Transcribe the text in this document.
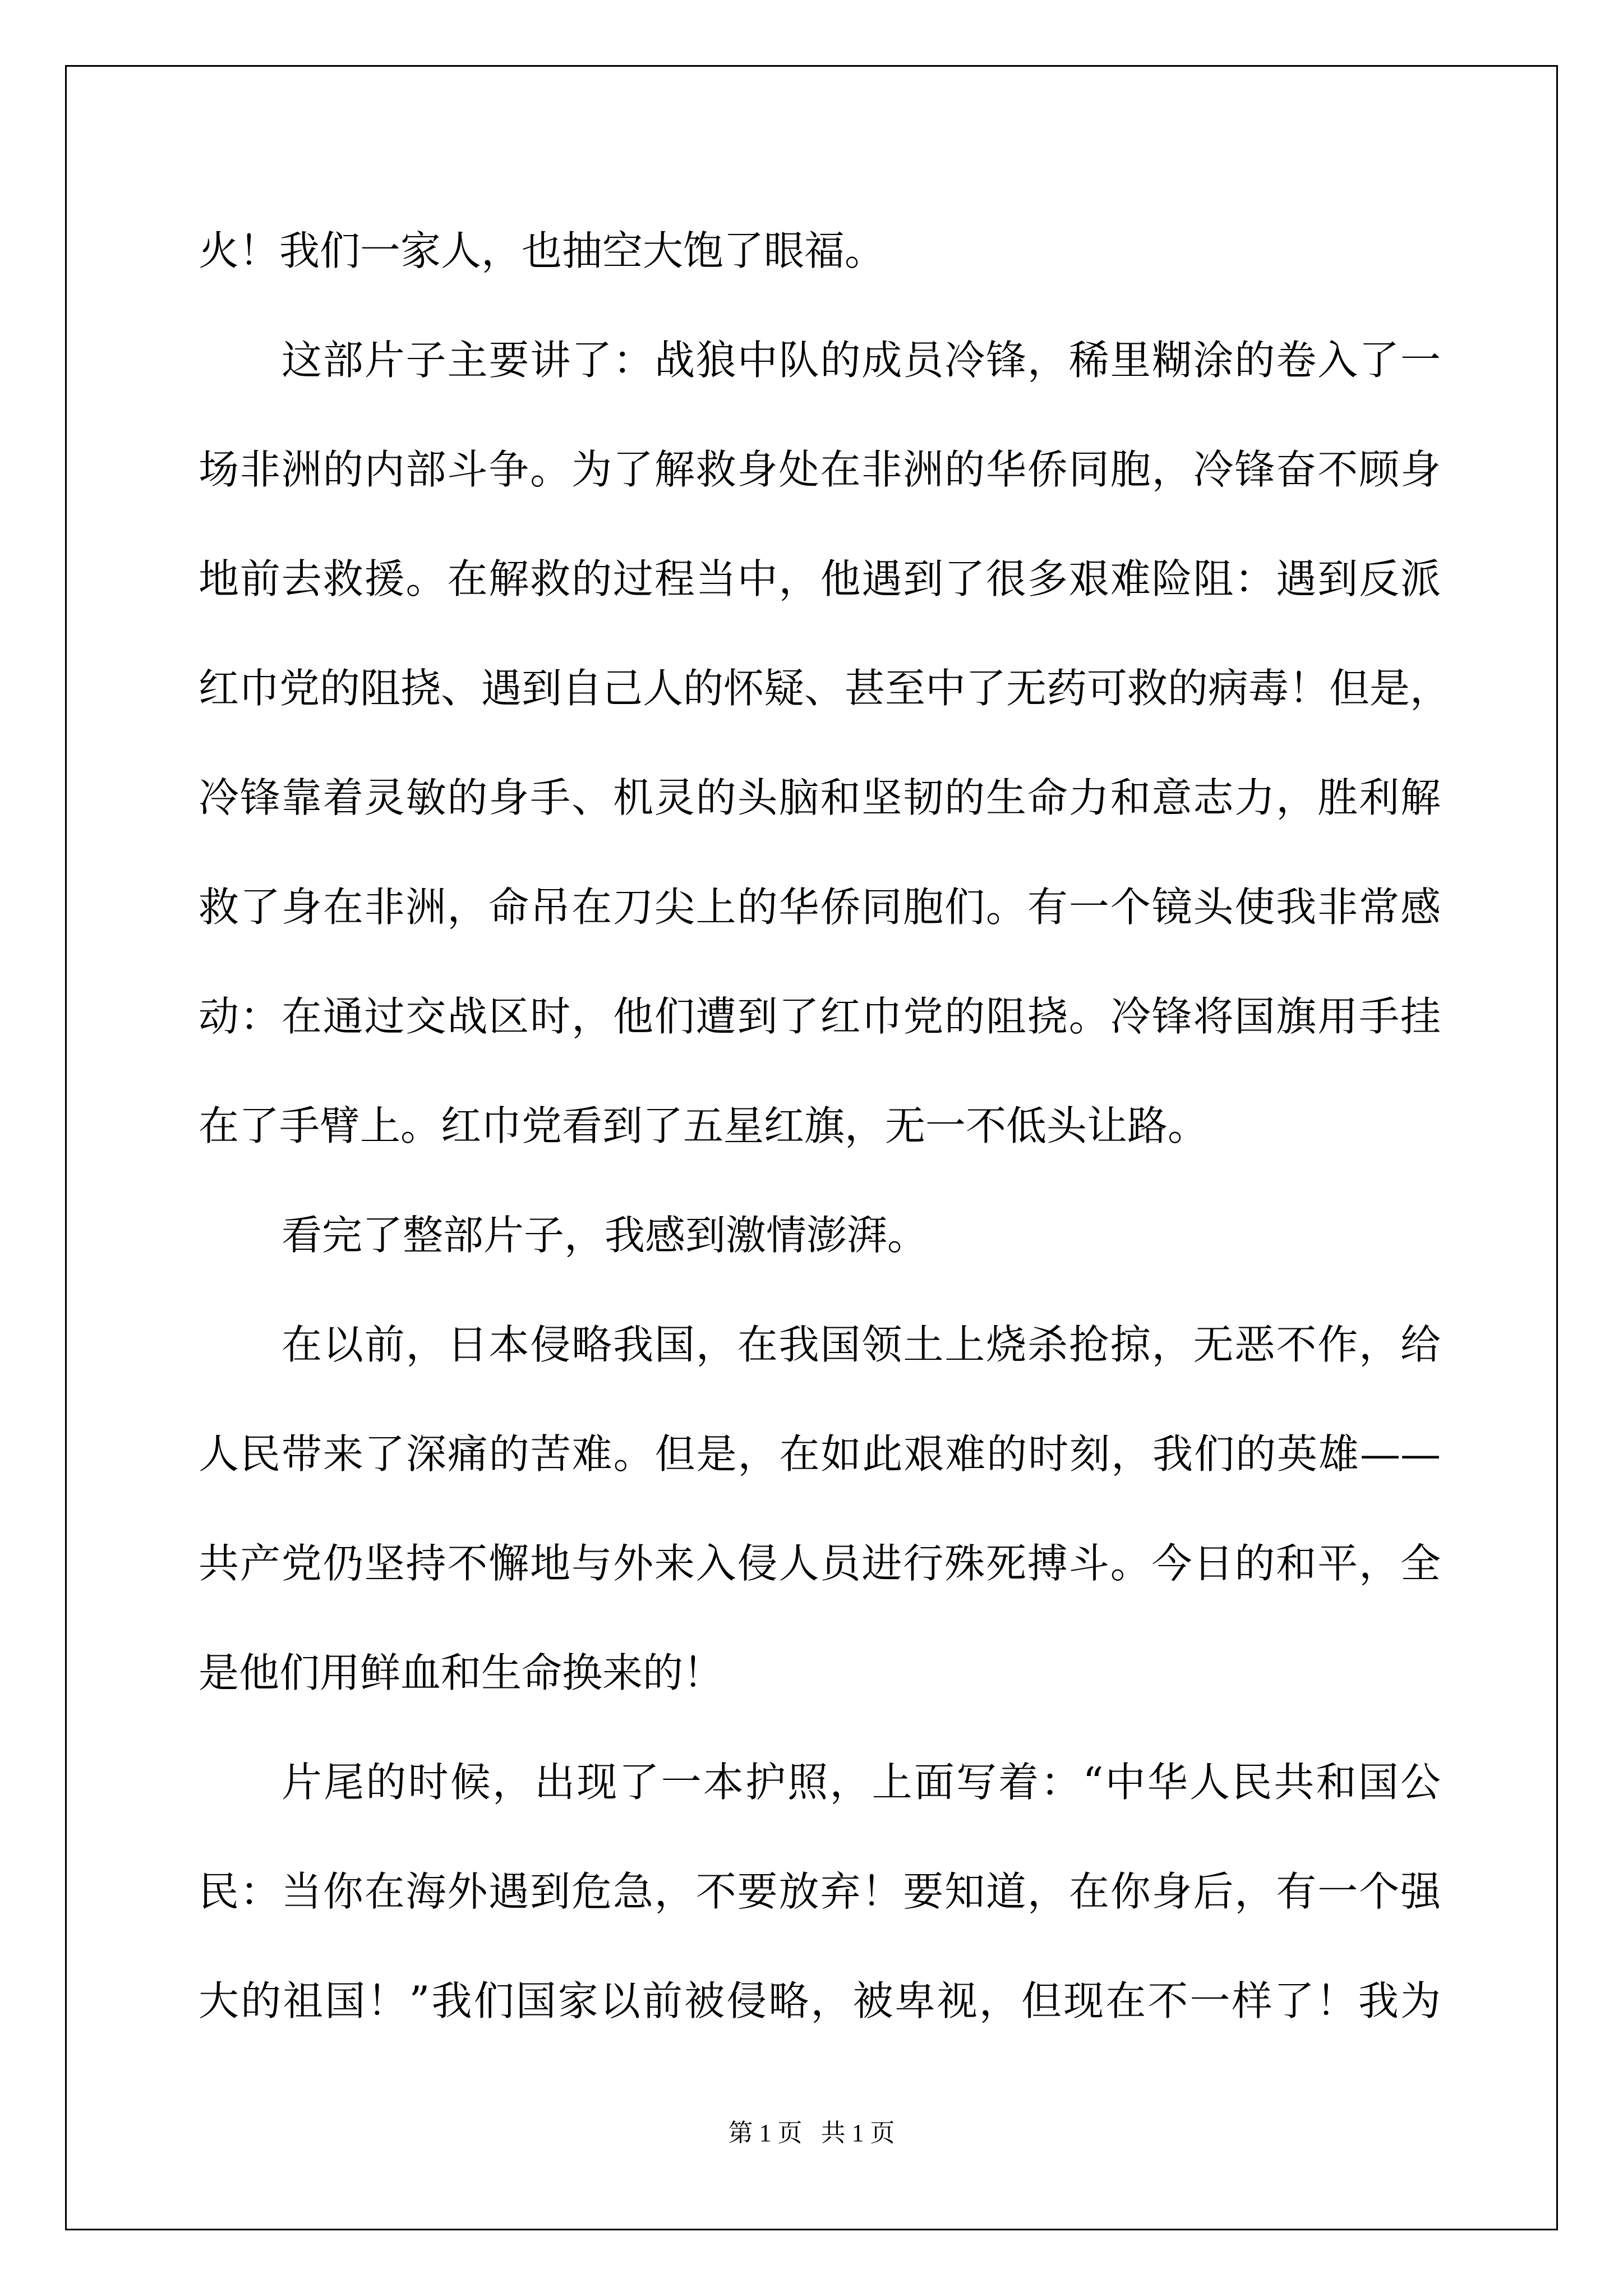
火！我们一家人，也抽空大饱了眼福。
这部片子主要讲了：战狼中队的成员冷锋，稀里糊涂的卷入了一
场非洲的内部斗争。为了解救身处在非洲的华侨同胞，冷锋奋不顾身
地前去救援。在解救的过程当中，他遇到了很多艰难险阻：遇到反派
红巾党的阻挠、遇到自己人的怀疑、甚至中了无药可救的病毒！但是，
冷锋靠着灵敏的身手、机灵的头脑和坚韧的生命力和意志力，胜利解
救了身在非洲，命吊在刀尖上的华侨同胞们。有一个镜头使我非常感
动：在通过交战区时，他们遭到了红巾党的阻挠。冷锋将国旗用手挂
在了手臂上。红巾党看到了五星红旗，无一不低头让路。
看完了整部片子，我感到激情澎湃。
在以前，日本侵略我国，在我国领土上烧杀抢掠，无恶不作，给
人民带来了深痛的苦难。但是，在如此艰难的时刻，我们的英雄——
共产党仍坚持不懈地与外来入侵人员进行殊死搏斗。今日的和平，全
是他们用鲜血和生命换来的！
片尾的时候，出现了一本护照，上面写着：“中华人民共和国公
民：当你在海外遇到危急，不要放弃！要知道，在你身后，有一个强
大的祖国！”我们国家以前被侵略，被卑视，但现在不一样了！我为
第 1 页   共 1 页
